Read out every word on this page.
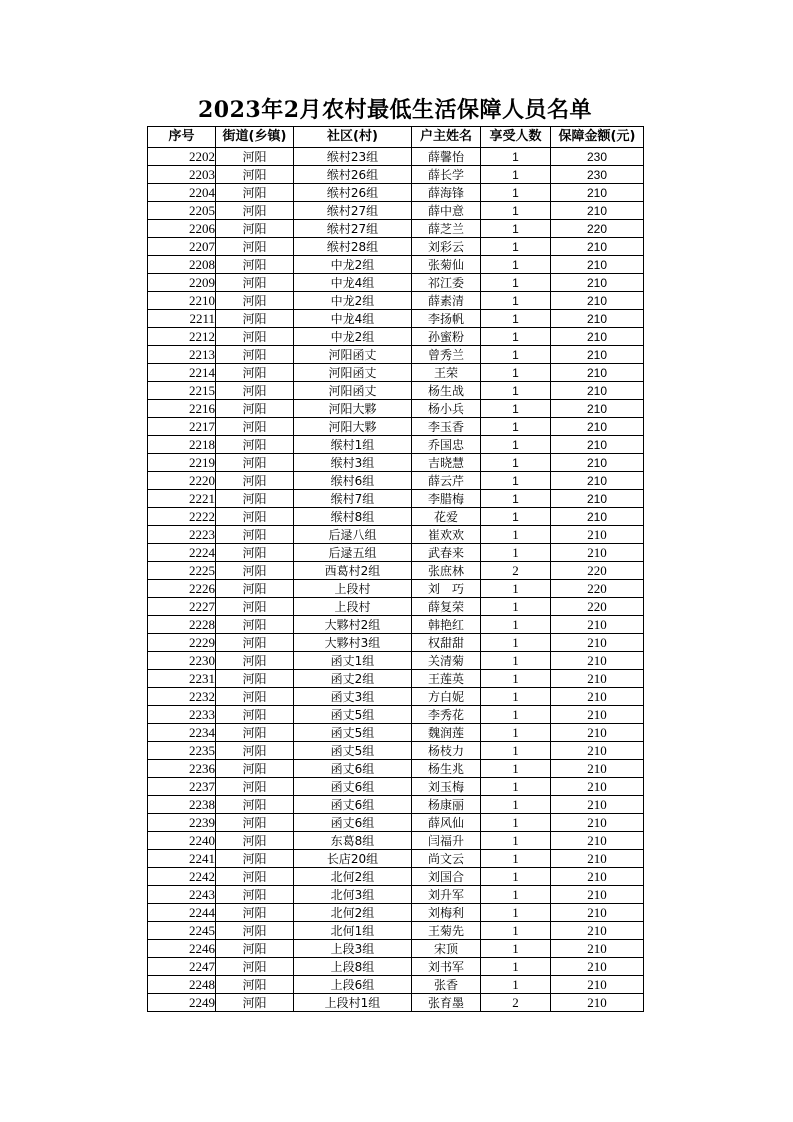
2023年2月农村最低生活保障人员名单
序号	街道(乡镇)	社区(村)	户主姓名	享受人数	保障金额(元)
2202	河阳	缑村23组	薛馨怡	1	230
2203	河阳	缑村26组	薛长学	1	230
2204	河阳	缑村26组	薛海锋	1	210
2205	河阳	缑村27组	薛中意	1	210
2206	河阳	缑村27组	薛芝兰	1	220
2207	河阳	缑村28组	刘彩云	1	210
2208	河阳	中龙2组	张菊仙	1	210
2209	河阳	中龙4组	祁江委	1	210
2210	河阳	中龙2组	薛素清	1	210
2211	河阳	中龙4组	李扬帆	1	210
2212	河阳	中龙2组	孙蜜粉	1	210
2213	河阳	河阳函丈	曾秀兰	1	210
2214	河阳	河阳函丈	王荣	1	210
2215	河阳	河阳函丈	杨生战	1	210
2216	河阳	河阳大夥	杨小兵	1	210
2217	河阳	河阳大夥	李玉香	1	210
2218	河阳	缑村1组	乔国忠	1	210
2219	河阳	缑村3组	吉晓慧	1	210
2220	河阳	缑村6组	薛云芹	1	210
2221	河阳	缑村7组	李腊梅	1	210
2222	河阳	缑村8组	花爱	1	210
2223	河阳	后逯八组	崔欢欢	1	210
2224	河阳	后逯五组	武春来	1	210
2225	河阳	西葛村2组	张庶林	2	220
2226	河阳	上段村	刘　巧	1	220
2227	河阳	上段村	薛复荣	1	220
2228	河阳	大夥村2组	韩艳红	1	210
2229	河阳	大夥村3组	权甜甜	1	210
2230	河阳	函丈1组	关清菊	1	210
2231	河阳	函丈2组	王莲英	1	210
2232	河阳	函丈3组	方白妮	1	210
2233	河阳	函丈5组	李秀花	1	210
2234	河阳	函丈5组	魏润莲	1	210
2235	河阳	函丈5组	杨枝力	1	210
2236	河阳	函丈6组	杨生兆	1	210
2237	河阳	函丈6组	刘玉梅	1	210
2238	河阳	函丈6组	杨康丽	1	210
2239	河阳	函丈6组	薛风仙	1	210
2240	河阳	东葛8组	闫福升	1	210
2241	河阳	长店20组	尚文云	1	210
2242	河阳	北何2组	刘国合	1	210
2243	河阳	北何3组	刘升军	1	210
2244	河阳	北何2组	刘梅利	1	210
2245	河阳	北何1组	王菊先	1	210
2246	河阳	上段3组	宋顶	1	210
2247	河阳	上段8组	刘书军	1	210
2248	河阳	上段6组	张香	1	210
2249	河阳	上段村1组	张育墨	2	210
